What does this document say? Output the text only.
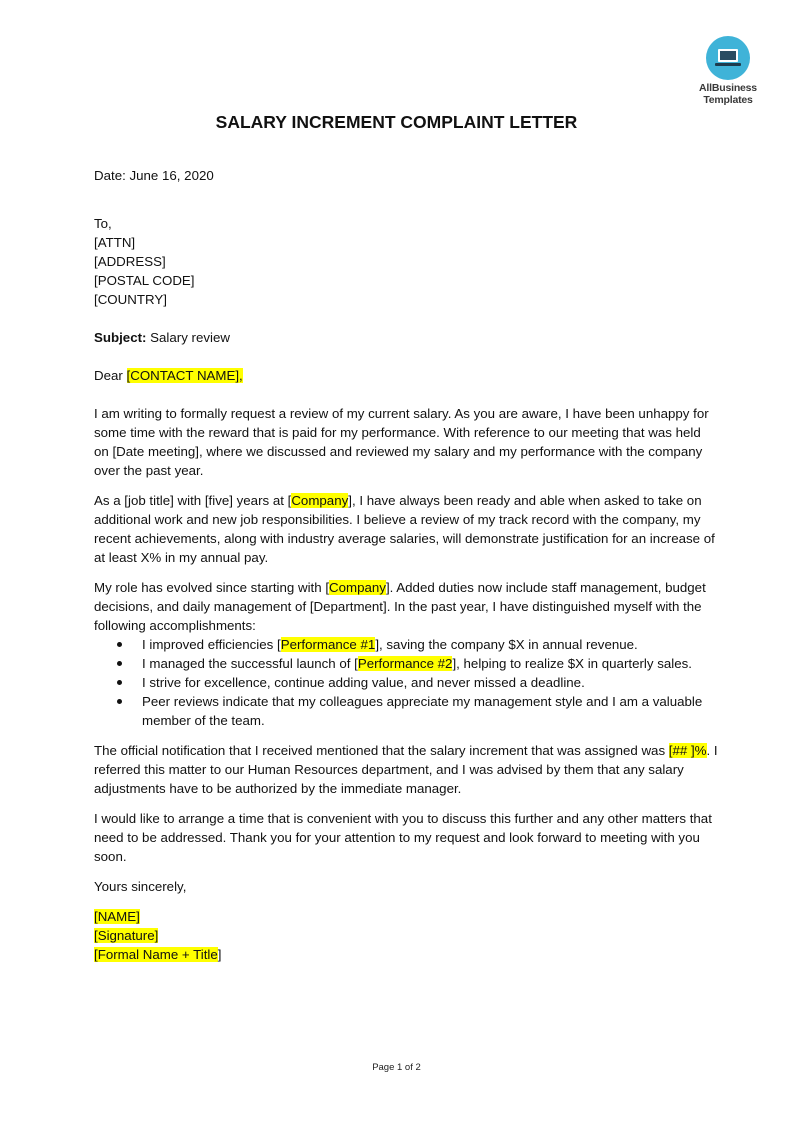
AllBusiness
Templates
SALARY INCREMENT COMPLAINT LETTER

Date: June 16, 2020

To,

[ATTN]

[ADDRESS]

[POSTAL CODE]

[COUNTRY]

Subject: Salary review

Dear [CONTACT NAME],

I am writing to formally request a review of my current salary. As you are aware, I have been unhappy for some time with the reward that is paid for my performance. With reference to our meeting that was held on [Date meeting], where we discussed and reviewed my salary and my performance with the company over the past year.

As a [job title] with [five] years at [Company], I have always been ready and able when asked to take on additional work and new job responsibilities. I believe a review of my track record with the company, my recent achievements, along with industry average salaries, will demonstrate justification for an increase of at least X% in my annual pay.

My role has evolved since starting with [Company]. Added duties now include staff management, budget decisions, and daily management of [Department]. In the past year, I have distinguished myself with the following accomplishments:

I improved efficiencies [Performance #1], saving the company $X in annual revenue.
I managed the successful launch of [Performance #2], helping to realize $X in quarterly sales.
I strive for excellence, continue adding value, and never missed a deadline.
Peer reviews indicate that my colleagues appreciate my management style and I am a valuable member of the team.

The official notification that I received mentioned that the salary increment that was assigned was [## ]%. I referred this matter to our Human Resources department, and I was advised by them that any salary adjustments have to be authorized by the immediate manager.

I would like to arrange a time that is convenient with you to discuss this further and any other matters that need to be addressed. Thank you for your attention to my request and look forward to meeting with you soon.

Yours sincerely,

[NAME]

[Signature]

[Formal Name + Title]

Page 1 of 2
